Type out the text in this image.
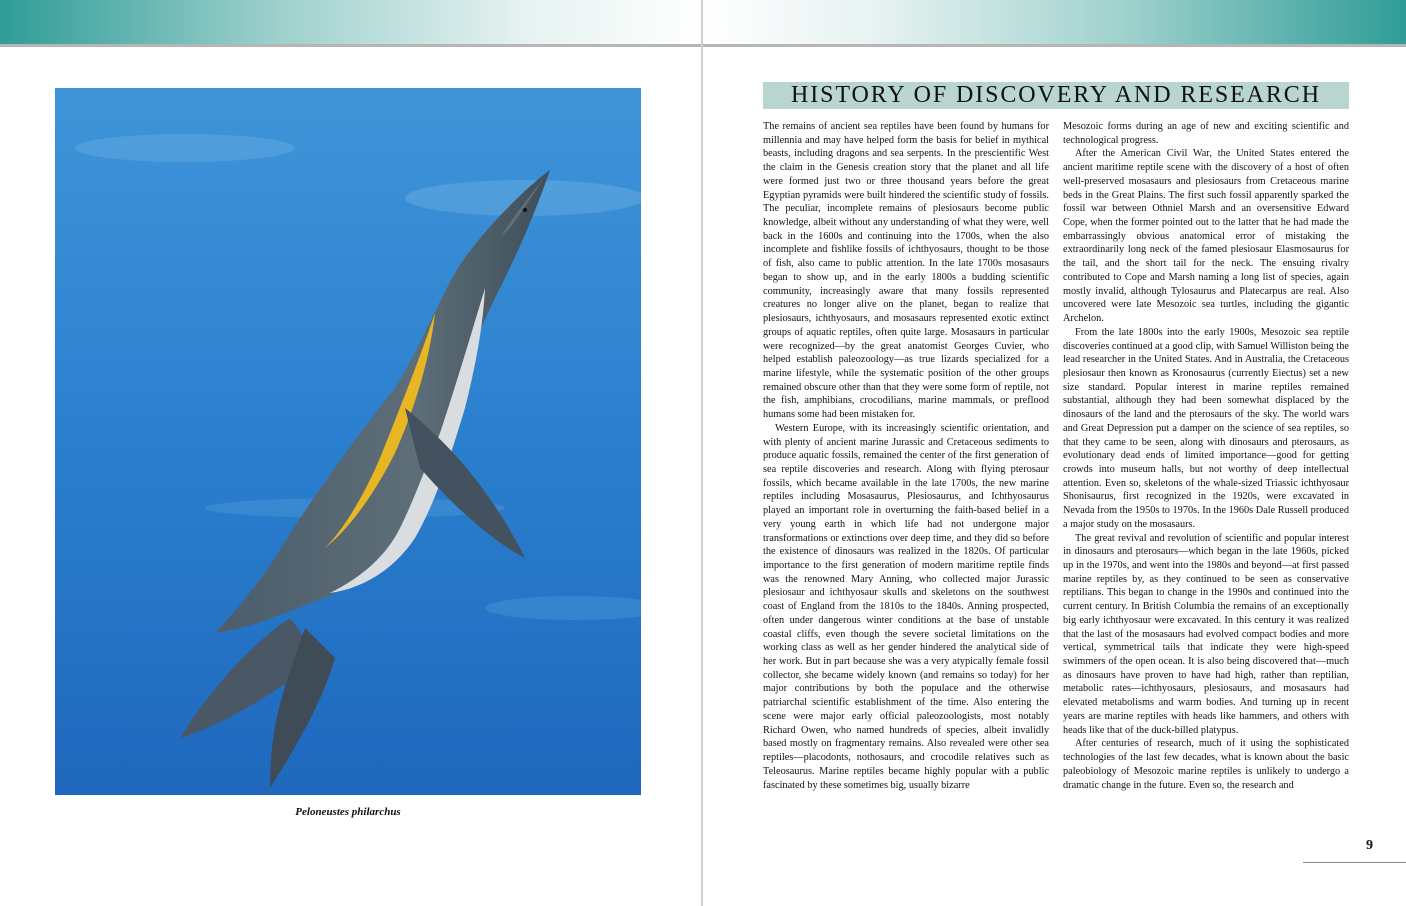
Peloneustes philarchus
HISTORY OF DISCOVERY AND RESEARCH

The remains of ancient sea reptiles have been found by humans for millennia and may have helped form the basis for belief in mythical beasts, including dragons and sea serpents. In the prescientific West the claim in the Genesis creation story that the planet and all life were formed just two or three thousand years before the great Egyptian pyramids were built hindered the scientific study of fossils. The peculiar, incomplete remains of plesiosaurs become public knowledge, albeit without any understanding of what they were, well back in the 1600s and continuing into the 1700s, when the also incomplete and fishlike fossils of ichthyosaurs, thought to be those of fish, also came to public attention. In the late 1700s mosasaurs began to show up, and in the early 1800s a budding scientific community, increasingly aware that many fossils represented creatures no longer alive on the planet, began to realize that plesiosaurs, ichthyosaurs, and mosasaurs represented exotic extinct groups of aquatic reptiles, often quite large. Mosasaurs in particular were recognized—by the great anatomist Georges Cuvier, who helped establish paleozoology—as true lizards specialized for a marine lifestyle, while the systematic position of the other groups remained obscure other than that they were some form of reptile, not the fish, amphibians, crocodilians, marine mammals, or preflood humans some had been mistaken for.

Western Europe, with its increasingly scientific orientation, and with plenty of ancient marine Jurassic and Cretaceous sediments to produce aquatic fossils, remained the center of the first generation of sea reptile discoveries and research. Along with flying pterosaur fossils, which became available in the late 1700s, the new marine reptiles including Mosasaurus, Plesiosaurus, and Ichthyosaurus played an important role in overturning the faith-based belief in a very young earth in which life had not undergone major transformations or extinctions over deep time, and they did so before the existence of dinosaurs was realized in the 1820s. Of particular importance to the first generation of modern maritime reptile finds was the renowned Mary Anning, who collected major Jurassic plesiosaur and ichthyosaur skulls and skeletons on the southwest coast of England from the 1810s to the 1840s. Anning prospected, often under dangerous winter conditions at the base of unstable coastal cliffs, even though the severe societal limitations on the working class as well as her gender hindered the analytical side of her work. But in part because she was a very atypically female fossil collector, she became widely known (and remains so today) for her major contributions by both the populace and the otherwise patriarchal scientific establishment of the time. Also entering the scene were major early official paleozoologists, most notably Richard Owen, who named hundreds of species, albeit invalidly based mostly on fragmentary remains. Also revealed were other sea reptiles—placodonts, nothosaurs, and crocodile relatives such as Teleosaurus. Marine reptiles became highly popular with a public fascinated by these sometimes big, usually bizarre

Mesozoic forms during an age of new and exciting scientific and technological progress.

After the American Civil War, the United States entered the ancient maritime reptile scene with the discovery of a host of often well-preserved mosasaurs and plesiosaurs from Cretaceous marine beds in the Great Plains. The first such fossil apparently sparked the fossil war between Othniel Marsh and an oversensitive Edward Cope, when the former pointed out to the latter that he had made the embarrassingly obvious anatomical error of mistaking the extraordinarily long neck of the famed plesiosaur Elasmosaurus for the tail, and the short tail for the neck. The ensuing rivalry contributed to Cope and Marsh naming a long list of species, again mostly invalid, although Tylosaurus and Platecarpus are real. Also uncovered were late Mesozoic sea turtles, including the gigantic Archelon.

From the late 1800s into the early 1900s, Mesozoic sea reptile discoveries continued at a good clip, with Samuel Williston being the lead researcher in the United States. And in Australia, the Cretaceous plesiosaur then known as Kronosaurus (currently Eiectus) set a new size standard. Popular interest in marine reptiles remained substantial, although they had been somewhat displaced by the dinosaurs of the land and the pterosaurs of the sky. The world wars and Great Depression put a damper on the science of sea reptiles, so that they came to be seen, along with dinosaurs and pterosaurs, as evolutionary dead ends of limited importance—good for getting crowds into museum halls, but not worthy of deep intellectual attention. Even so, skeletons of the whale-sized Triassic ichthyosaur Shonisaurus, first recognized in the 1920s, were excavated in Nevada from the 1950s to 1970s. In the 1960s Dale Russell produced a major study on the mosasaurs.

The great revival and revolution of scientific and popular interest in dinosaurs and pterosaurs—which began in the late 1960s, picked up in the 1970s, and went into the 1980s and beyond—at first passed marine reptiles by, as they continued to be seen as conservative reptilians. This began to change in the 1990s and continued into the current century. In British Columbia the remains of an exceptionally big early ichthyosaur were excavated. In this century it was realized that the last of the mosasaurs had evolved compact bodies and more vertical, symmetrical tails that indicate they were high-speed swimmers of the open ocean. It is also being discovered that—much as dinosaurs have proven to have had high, rather than reptilian, metabolic rates—ichthyosaurs, plesiosaurs, and mosasaurs had elevated metabolisms and warm bodies. And turning up in recent years are marine reptiles with heads like hammers, and others with heads like that of the duck-billed platypus.

After centuries of research, much of it using the sophisticated technologies of the last few decades, what is known about the basic paleobiology of Mesozoic marine reptiles is unlikely to undergo a dramatic change in the future. Even so, the research and

9
